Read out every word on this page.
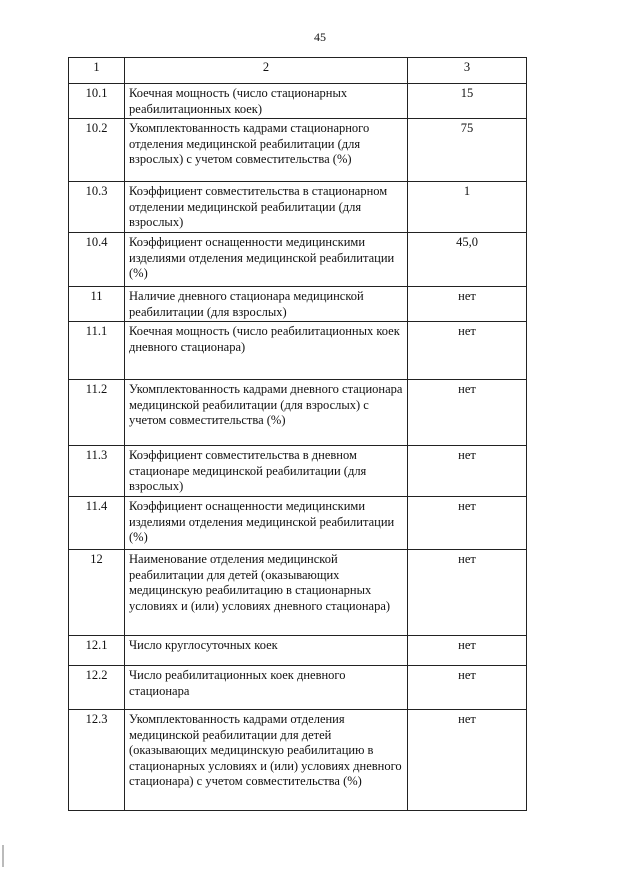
45
1	2	3
10.1	Коечная мощность (число стационарных реабилитационных коек)	15
10.2	Укомплектованность кадрами стационарного отделения медицинской реабилитации (для взрослых) с учетом совместительства (%)	75
10.3	Коэффициент совместительства в стационарном отделении медицинской реабилитации (для взрослых)	1
10.4	Коэффициент оснащенности медицинскими изделиями отделения медицинской реабилитации (%)	45,0
11	Наличие дневного стационара медицинской реабилитации (для взрослых)	нет
11.1	Коечная мощность (число реабилитационных коек дневного стационара)	нет
11.2	Укомплектованность кадрами дневного стационара медицинской реабилитации (для взрослых) с учетом совместительства (%)	нет
11.3	Коэффициент совместительства в дневном стационаре медицинской реабилитации (для взрослых)	нет
11.4	Коэффициент оснащенности медицинскими изделиями отделения медицинской реабилитации (%)	нет
12	Наименование отделения медицинской реабилитации для детей (оказывающих медицинскую реабилитацию в стационарных условиях и (или) условиях дневного стационара)	нет
12.1	Число круглосуточных коек	нет
12.2	Число реабилитационных коек дневного стационара	нет
12.3	Укомплектованность кадрами отделения медицинской реабилитации для детей (оказывающих медицинскую реабилитацию в стационарных условиях и (или) условиях дневного стационара) с учетом совместительства (%)	нет
